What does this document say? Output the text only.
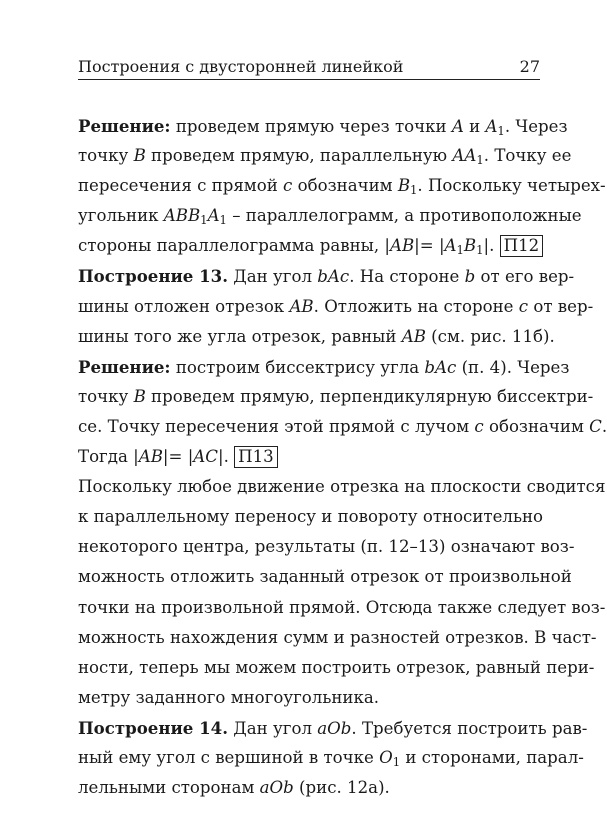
Построения с двусторонней линейкой	27
Решение: проведем прямую через точки A и $A_1$. Через
точку B проведем прямую, параллельную $AA_1$. Точку ее
пересечения с прямой c обозначим $B_1$. Поскольку четырех-
угольник $ABB_1A_1$ – параллелограмм, а противоположные
стороны параллелограмма равны, $|AB|= |A_1B_1|$. П12
Построение 13. Дан угол bAc. На стороне b от его вер-
шины отложен отрезок AB. Отложить на стороне c от вер-
шины того же угла отрезок, равный AB (см. рис. 11б).
Решение: построим биссектрису угла bAc (п. 4). Через
точку B проведем прямую, перпендикулярную биссектри-
се. Точку пересечения этой прямой с лучом c обозначим C.
Тогда |AB|= |AC|. П13
Поскольку любое движение отрезка на плоскости сводится
к параллельному переносу и повороту относительно
некоторого центра, результаты (п. 12–13) означают воз-
можность отложить заданный отрезок от произвольной
точки на произвольной прямой. Отсюда также следует воз-
можность нахождения сумм и разностей отрезков. В част-
ности, теперь мы можем построить отрезок, равный пери-
метру заданного многоугольника.
Построение 14. Дан угол aOb. Требуется построить рав-
ный ему угол с вершиной в точке $O_1$ и сторонами, парал-
лельными сторонам aOb (рис. 12а).
